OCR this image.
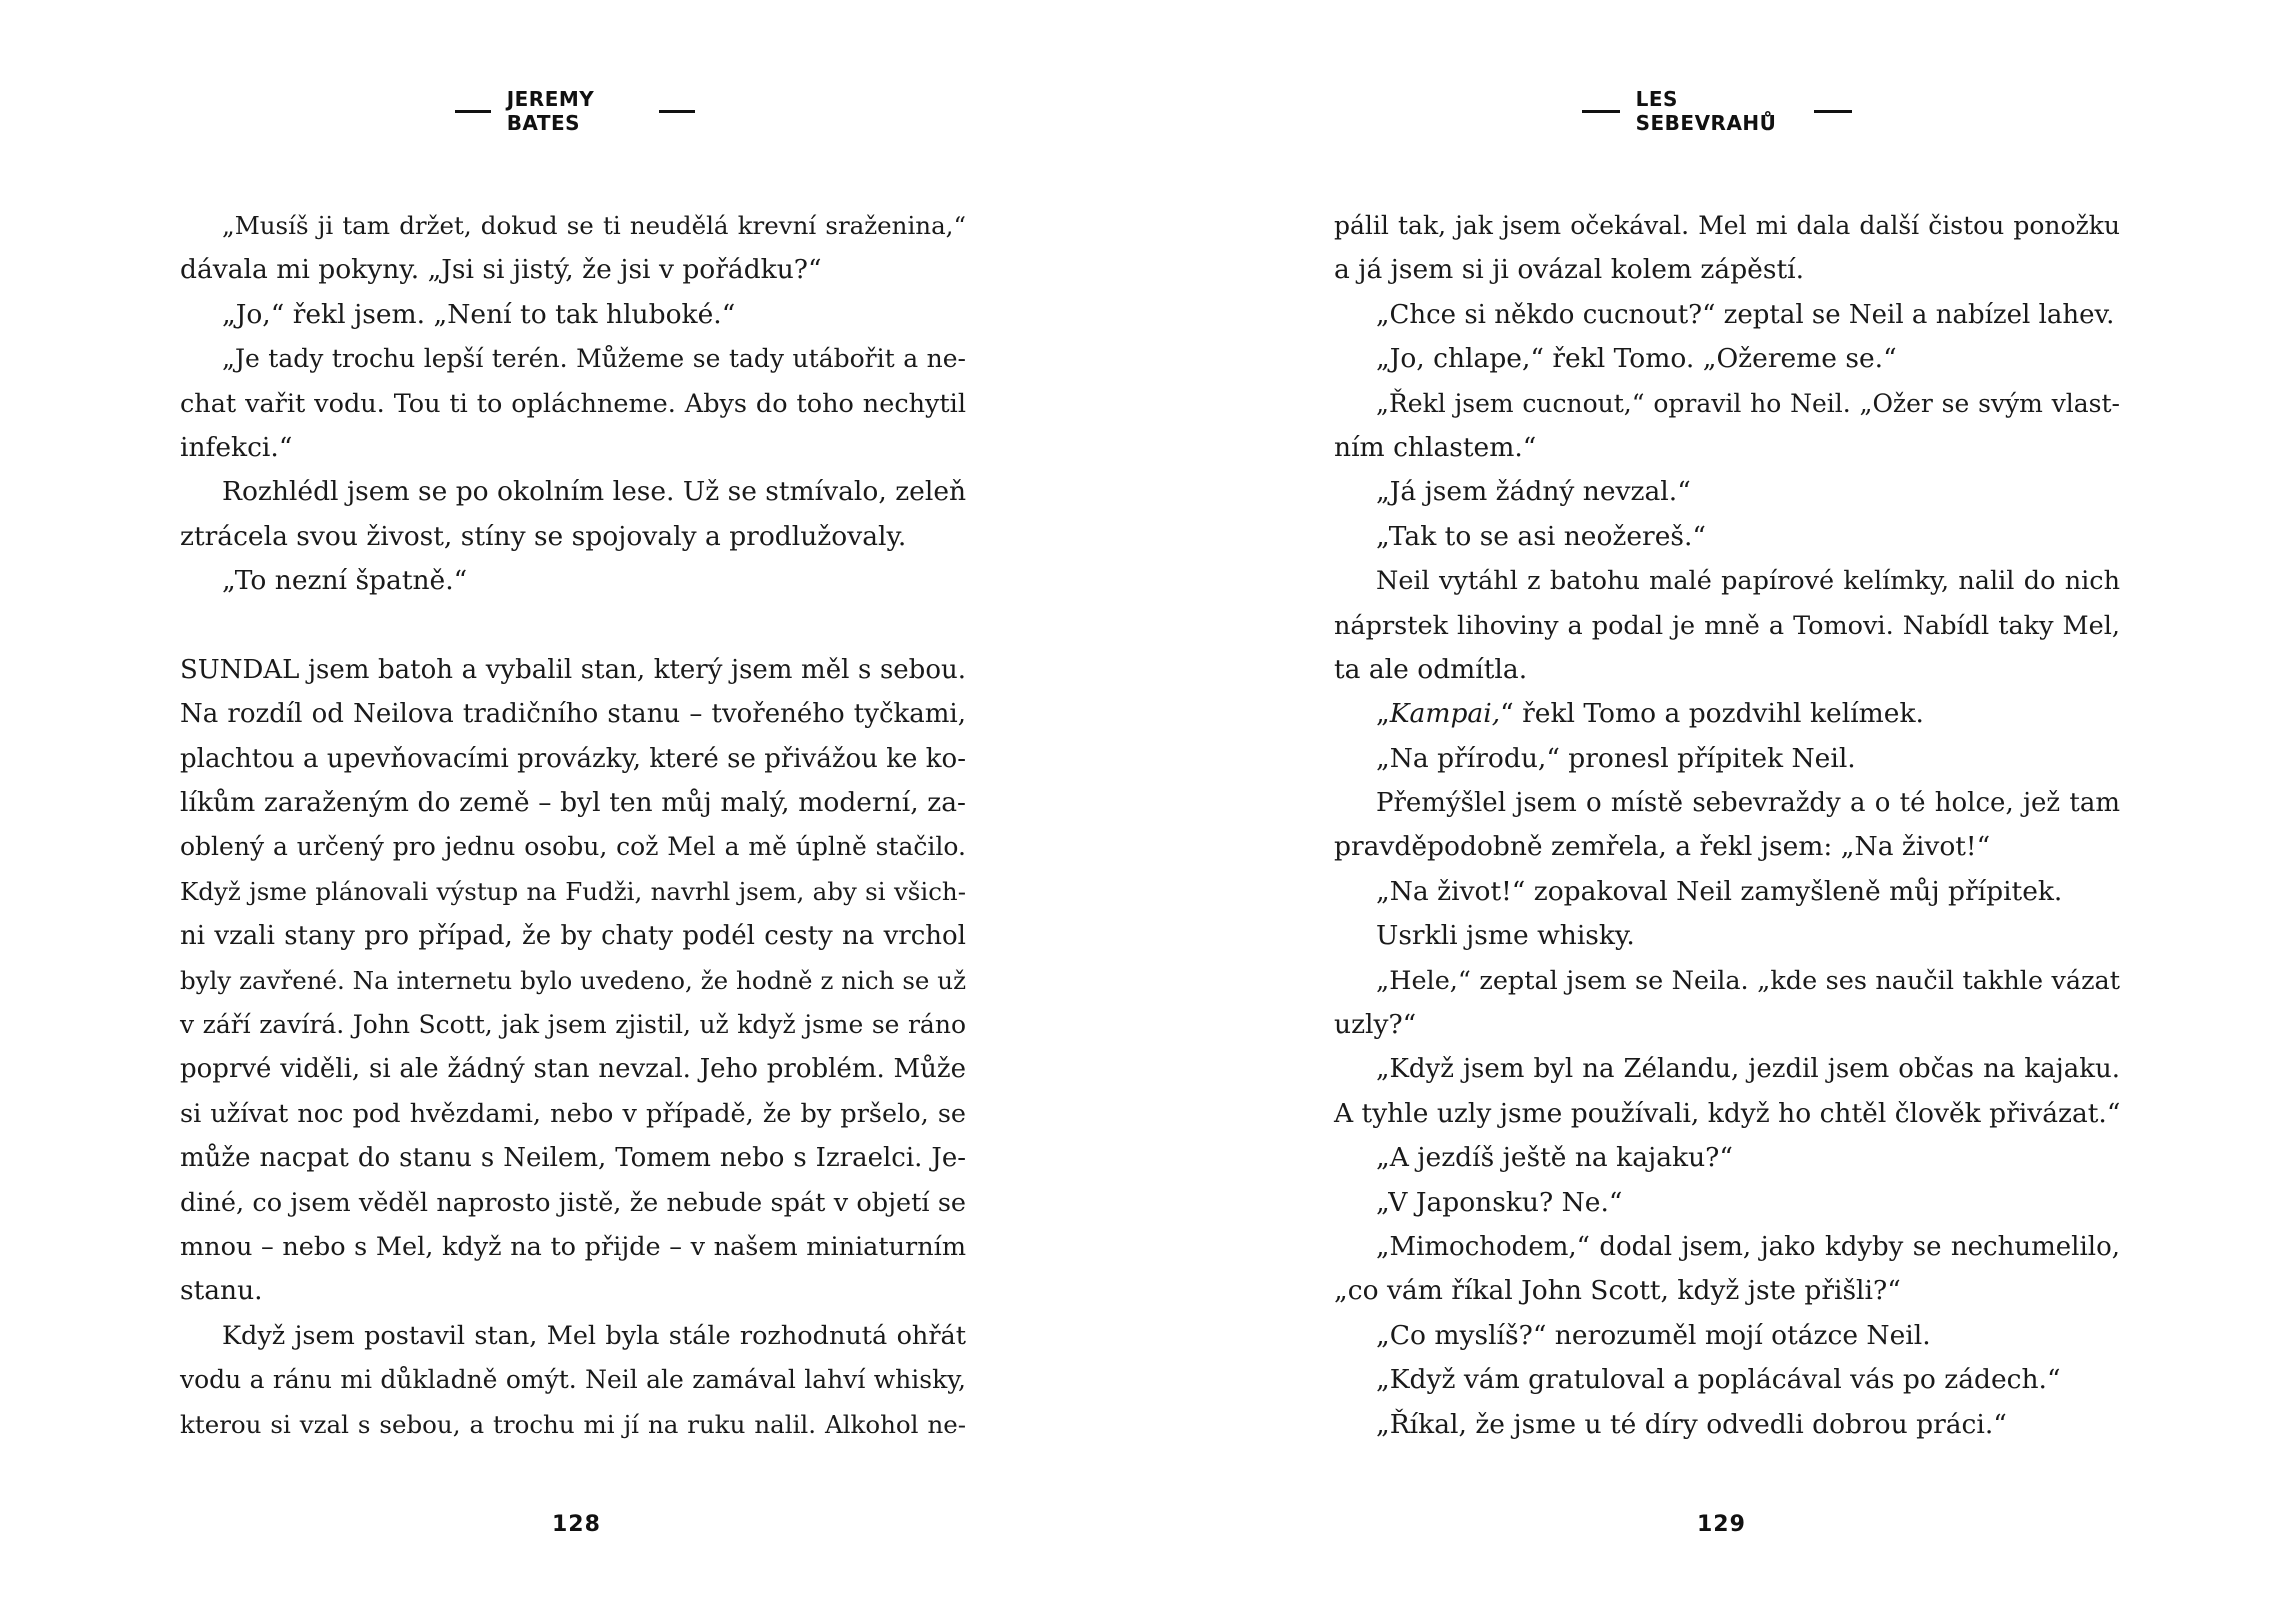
JEREMY BATES
„Musíš ji tam držet, dokud se ti neudělá krevní sraženina,“
dávala mi pokyny. „Jsi si jistý, že jsi v pořádku?“
„Jo,“ řekl jsem. „Není to tak hluboké.“
„Je tady trochu lepší terén. Můžeme se tady utábořit a ne-
chat vařit vodu. Tou ti to opláchneme. Abys do toho nechytil
infekci.“
Rozhlédl jsem se po okolním lese. Už se stmívalo, zeleň
ztrácela svou živost, stíny se spojovaly a prodlužovaly.
„To nezní špatně.“
SUNDAL jsem batoh a vybalil stan, který jsem měl s sebou.
Na rozdíl od Neilova tradičního stanu – tvořeného tyčkami,
plachtou a upevňovacími provázky, které se přivážou ke ko-
líkům zaraženým do země – byl ten můj malý, moderní, za-
oblený a určený pro jednu osobu, což Mel a mě úplně stačilo.
Když jsme plánovali výstup na Fudži, navrhl jsem, aby si všich-
ni vzali stany pro případ, že by chaty podél cesty na vrchol
byly zavřené. Na internetu bylo uvedeno, že hodně z nich se už
v září zavírá. John Scott, jak jsem zjistil, už když jsme se ráno
poprvé viděli, si ale žádný stan nevzal. Jeho problém. Může
si užívat noc pod hvězdami, nebo v případě, že by pršelo, se
může nacpat do stanu s Neilem, Tomem nebo s Izraelci. Je-
diné, co jsem věděl naprosto jistě, že nebude spát v objetí se
mnou – nebo s Mel, když na to přijde – v našem miniaturním
stanu.
Když jsem postavil stan, Mel byla stále rozhodnutá ohřát
vodu a ránu mi důkladně omýt. Neil ale zamával lahví whisky,
kterou si vzal s sebou, a trochu mi jí na ruku nalil. Alkohol ne-
128
LES SEBEVRAHŮ
pálil tak, jak jsem očekával. Mel mi dala další čistou ponožku
a já jsem si ji ovázal kolem zápěstí.
„Chce si někdo cucnout?“ zeptal se Neil a nabízel lahev.
„Jo, chlape,“ řekl Tomo. „Ožereme se.“
„Řekl jsem cucnout,“ opravil ho Neil. „Ožer se svým vlast-
ním chlastem.“
„Já jsem žádný nevzal.“
„Tak to se asi neožereš.“
Neil vytáhl z batohu malé papírové kelímky, nalil do nich
náprstek lihoviny a podal je mně a Tomovi. Nabídl taky Mel,
ta ale odmítla.
„Kampai,“ řekl Tomo a pozdvihl kelímek.
„Na přírodu,“ pronesl přípitek Neil.
Přemýšlel jsem o místě sebevraždy a o té holce, jež tam
pravděpodobně zemřela, a řekl jsem: „Na život!“
„Na život!“ zopakoval Neil zamyšleně můj přípitek.
Usrkli jsme whisky.
„Hele,“ zeptal jsem se Neila. „kde ses naučil takhle vázat
uzly?“
„Když jsem byl na Zélandu, jezdil jsem občas na kajaku.
A tyhle uzly jsme používali, když ho chtěl člověk přivázat.“
„A jezdíš ještě na kajaku?“
„V Japonsku? Ne.“
„Mimochodem,“ dodal jsem, jako kdyby se nechumelilo,
„co vám říkal John Scott, když jste přišli?“
„Co myslíš?“ nerozuměl mojí otázce Neil.
„Když vám gratuloval a poplácával vás po zádech.“
„Říkal, že jsme u té díry odvedli dobrou práci.“
129
